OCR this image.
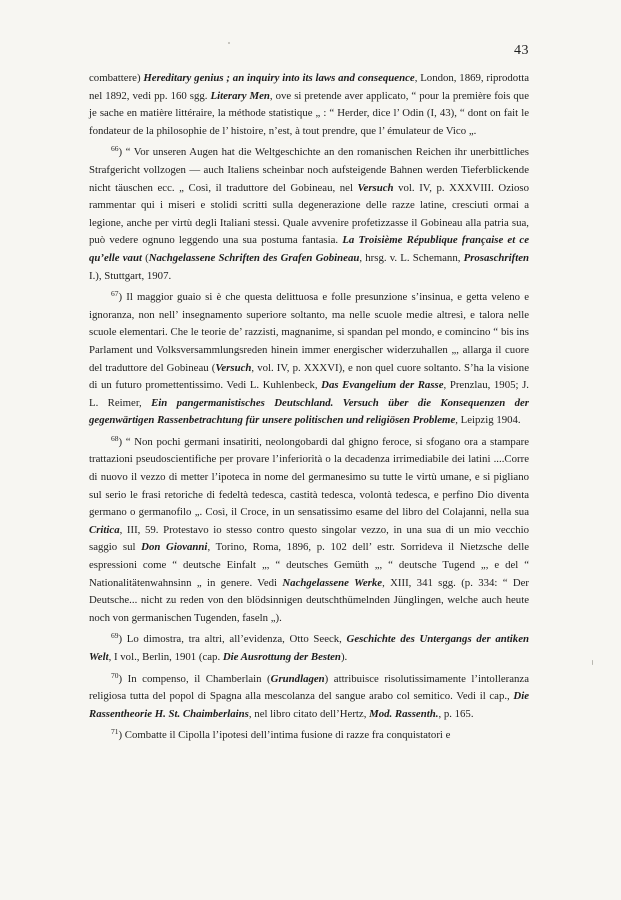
43

combattere) Hereditary genius ; an inquiry into its laws and consequence, London, 1869, riprodotta nel 1892, vedi pp. 160 sgg. Literary Men, ove si pretende aver applicato, “ pour la première fois que je sache en matière littéraire, la méthode statistique „ : “ Herder, dice l’ Odin (I, 43), “ dont on fait le fondateur de la philosophie de l’ histoire, n’est, à tout prendre, que l’ émulateur de Vico „.

$^{66}$) “ Vor unseren Augen hat die Weltgeschichte an den romanischen Reichen ihr unerbittliches Strafgericht vollzogen — auch Italiens scheinbar noch aufsteigende Bahnen werden Tieferblickende nicht täuschen ecc. „ Così, il traduttore del Gobineau, nel Versuch vol. IV, p. XXXVIII. Ozioso rammentar qui i miseri e stolidi scritti sulla degenerazione delle razze latine, cresciuti ormai a legione, anche per virtù degli Italiani stessi. Quale avvenire profetizzasse il Gobineau alla patria sua, può vedere ognuno leggendo una sua postuma fantasia. La Troisième République française et ce qu’elle vaut (Nachgelassene Schriften des Grafen Gobineau, hrsg. v. L. Schemann, Prosaschriften I.), Stuttgart, 1907.

$^{67}$) Il maggior guaio si è che questa delittuosa e folle presunzione s’insinua, e getta veleno e ignoranza, non nell’ insegnamento superiore soltanto, ma nelle scuole medie altresì, e talora nelle scuole elementari. Che le teorie de’ razzisti, magnanime, si spandan pel mondo, e comincino “ bis ins Parlament und Volksversammlungsreden hinein immer energischer widerzuhallen „, allarga il cuore del traduttore del Gobineau (Versuch, vol. IV, p. XXXVI), e non quel cuore soltanto. S’ha la visione di un futuro promettentissimo. Vedi L. Kuhlenbeck, Das Evangelium der Rasse, Prenzlau, 1905; J. L. Reimer, Ein pangermanistisches Deutschland. Versuch über die Konsequenzen der gegenwärtigen Rassenbetrachtung für unsere politischen und religiösen Probleme, Leipzig 1904.

$^{68}$) “ Non pochi germani insatiriti, neolongobardi dal ghigno feroce, si sfogano ora a stampare trattazioni pseudoscientifiche per provare l’inferiorità o la decadenza irrimediabile dei latini ....Corre di nuovo il vezzo di metter l’ipoteca in nome del germanesimo su tutte le virtù umane, e si pigliano sul serio le frasi retoriche di fedeltà tedesca, castità tedesca, volontà tedesca, e perfino Dio diventa germano o germanofilo „. Così, il Croce, in un sensatissimo esame del libro del Colajanni, nella sua Critica, III, 59. Protestavo io stesso contro questo singolar vezzo, in una sua di un mio vecchio saggio sul Don Giovanni, Torino, Roma, 1896, p. 102 dell’ estr. Sorrideva il Nietzsche delle espressioni come “ deutsche Einfalt „, “ deutsches Gemüth „, “ deutsche Tugend „, e del “ Nationalitätenwahnsinn „ in genere. Vedi Nachgelassene Werke, XIII, 341 sgg. (p. 334: “ Der Deutsche... nicht zu reden von den blödsinnigen deutschthümelnden Jünglingen, welche auch heute noch von germanischen Tugenden, faseln „).

$^{69}$) Lo dimostra, tra altri, all’evidenza, Otto Seeck, Geschichte des Untergangs der antiken Welt, I vol., Berlin, 1901 (cap. Die Ausrottung der Besten).

$^{70}$) In compenso, il Chamberlain (Grundlagen) attribuisce risolutissimamente l’intolleranza religiosa tutta del popol di Spagna alla mescolanza del sangue arabo col semitico. Vedi il cap., Die Rassentheorie H. St. Chaimberlains, nel libro citato dell’Hertz, Mod. Rassenth., p. 165.

$^{71}$) Combatte il Cipolla l’ipotesi dell’intima fusione di razze fra conquistatori e
